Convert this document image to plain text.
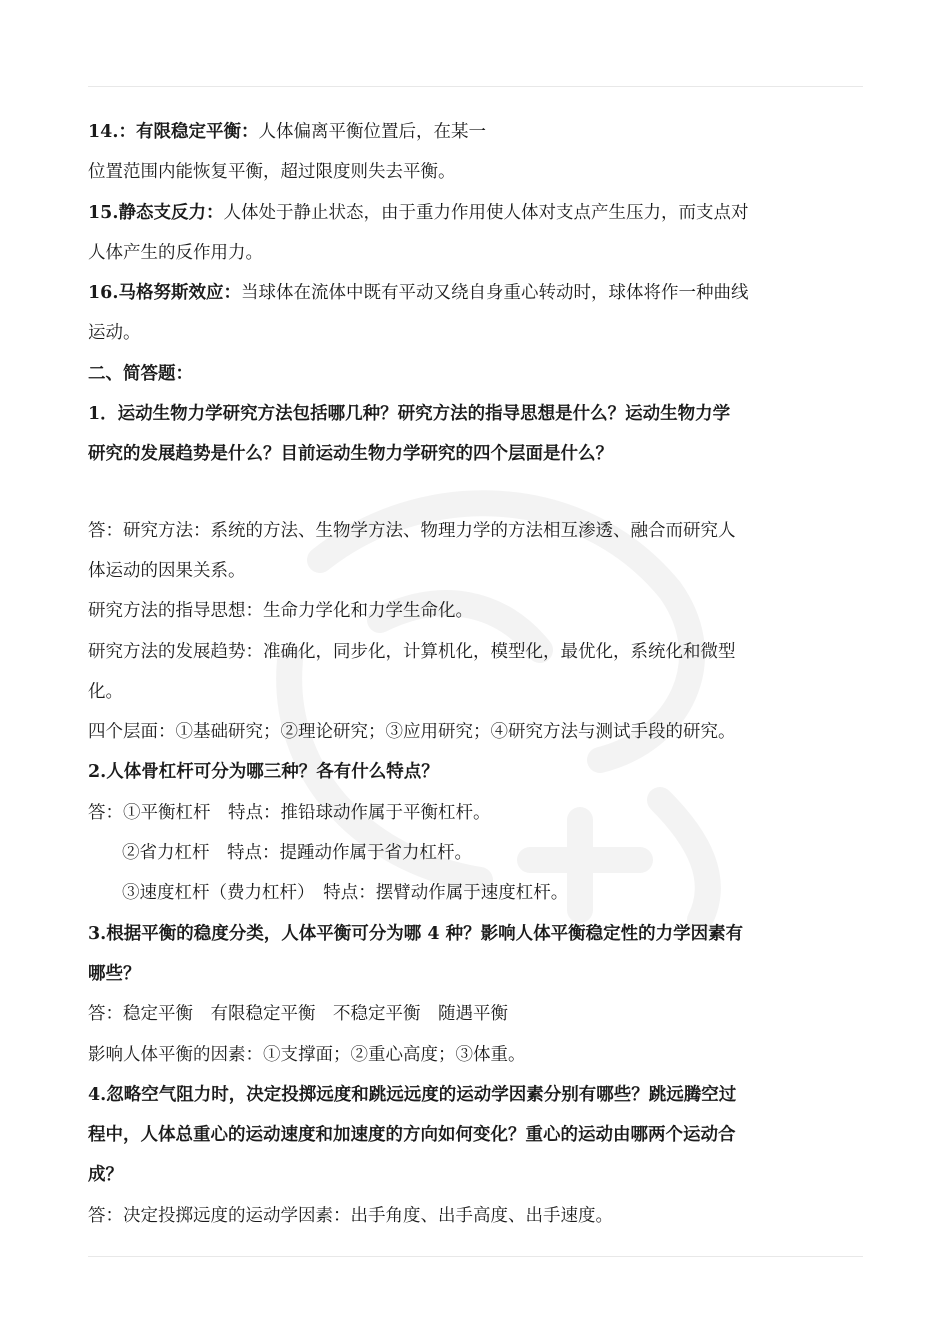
14.：有限稳定平衡：人体偏离平衡位置后，在某一
位置范围内能恢复平衡，超过限度则失去平衡。
15.静态支反力：人体处于静止状态，由于重力作用使人体对支点产生压力，而支点对
人体产生的反作用力。
16.马格努斯效应：当球体在流体中既有平动又绕自身重心转动时，球体将作一种曲线
运动。
二、简答题：
1．运动生物力学研究方法包括哪几种？研究方法的指导思想是什么？运动生物力学
研究的发展趋势是什么？目前运动生物力学研究的四个层面是什么？
答：研究方法：系统的方法、生物学方法、物理力学的方法相互渗透、融合而研究人
体运动的因果关系。
研究方法的指导思想：生命力学化和力学生命化。
研究方法的发展趋势：准确化，同步化，计算机化，模型化，最优化，系统化和微型
化。
四个层面：①基础研究；②理论研究；③应用研究；④研究方法与测试手段的研究。
2.人体骨杠杆可分为哪三种？各有什么特点？
答：①平衡杠杆　特点：推铅球动作属于平衡杠杆。
②省力杠杆　特点：提踵动作属于省力杠杆。
③速度杠杆（费力杠杆）　特点：摆臂动作属于速度杠杆。
3.根据平衡的稳度分类，人体平衡可分为哪 4 种？影响人体平衡稳定性的力学因素有
哪些？
答：稳定平衡　有限稳定平衡　不稳定平衡　随遇平衡
影响人体平衡的因素：①支撑面；②重心高度；③体重。
4.忽略空气阻力时，决定投掷远度和跳远远度的运动学因素分别有哪些？跳远腾空过
程中，人体总重心的运动速度和加速度的方向如何变化？重心的运动由哪两个运动合
成？
答：决定投掷远度的运动学因素：出手角度、出手高度、出手速度。
